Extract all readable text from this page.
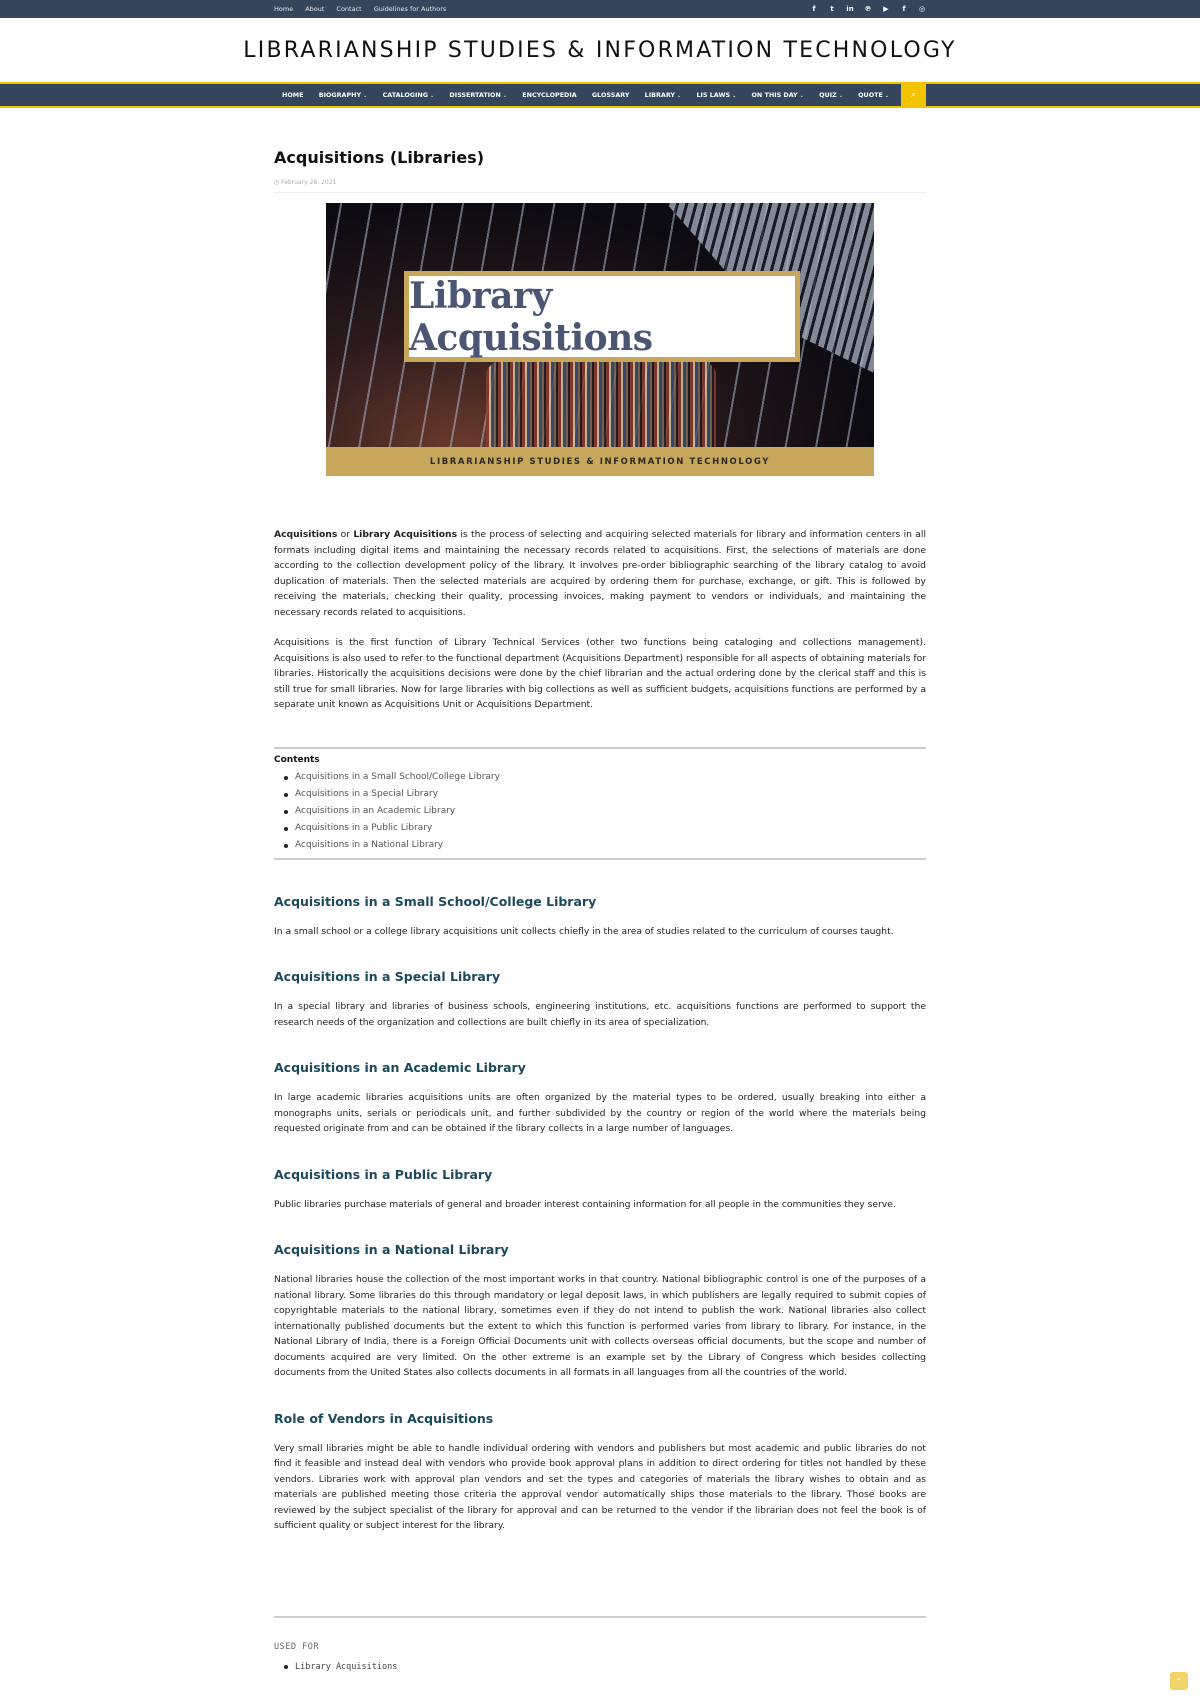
Home About Contact Guidelines for Authors	f	t	in ℗ ▶	f	◎
LIBRARIANSHIP STUDIES & INFORMATION TECHNOLOGY
HOME	BIOGRAPHY ⌄	CATALOGING ⌄	DISSERTATION ⌄	ENCYCLOPEDIA	GLOSSARY	LIBRARY ⌄	LIS LAWS ⌄	ON THIS DAY ⌄	QUIZ ⌄	QUOTE ⌄	⌕
Acquisitions (Libraries)
◷ February 26, 2021
Library Acquisitions
LIBRARIANSHIP STUDIES & INFORMATION TECHNOLOGY

Acquisitions or Library Acquisitions is the process of selecting and acquiring selected materials for library and information centers in all formats including digital items and maintaining the necessary records related to acquisitions. First, the selections of materials are done according to the collection development policy of the library. It involves pre-order bibliographic searching of the library catalog to avoid duplication of materials. Then the selected materials are acquired by ordering them for purchase, exchange, or gift. This is followed by receiving the materials, checking their quality, processing invoices, making payment to vendors or individuals, and maintaining the necessary records related to acquisitions.

Acquisitions is the first function of Library Technical Services (other two functions being cataloging and collections management). Acquisitions is also used to refer to the functional department (Acquisitions Department) responsible for all aspects of obtaining materials for libraries. Historically the acquisitions decisions were done by the chief librarian and the actual ordering done by the clerical staff and this is still true for small libraries. Now for large libraries with big collections as well as sufficient budgets, acquisitions functions are performed by a separate unit known as Acquisitions Unit or Acquisitions Department.

Contents
Acquisitions in a Small School/College Library
Acquisitions in a Special Library
Acquisitions in an Academic Library
Acquisitions in a Public Library
Acquisitions in a National Library
Acquisitions in a Small School/College Library

In a small school or a college library acquisitions unit collects chiefly in the area of studies related to the curriculum of courses taught.

Acquisitions in a Special Library

In a special library and libraries of business schools, engineering institutions, etc. acquisitions functions are performed to support the research needs of the organization and collections are built chiefly in its area of specialization.

Acquisitions in an Academic Library

In large academic libraries acquisitions units are often organized by the material types to be ordered, usually breaking into either a monographs units, serials or periodicals unit, and further subdivided by the country or region of the world where the materials being requested originate from and can be obtained if the library collects in a large number of languages.

Acquisitions in a Public Library

Public libraries purchase materials of general and broader interest containing information for all people in the communities they serve.

Acquisitions in a National Library

National libraries house the collection of the most important works in that country. National bibliographic control is one of the purposes of a national library. Some libraries do this through mandatory or legal deposit laws, in which publishers are legally required to submit copies of copyrightable materials to the national library, sometimes even if they do not intend to publish the work. National libraries also collect internationally published documents but the extent to which this function is performed varies from library to library. For instance, in the National Library of India, there is a Foreign Official Documents unit with collects overseas official documents, but the scope and number of documents acquired are very limited. On the other extreme is an example set by the Library of Congress which besides collecting documents from the United States also collects documents in all formats in all languages from all the countries of the world.

Role of Vendors in Acquisitions

Very small libraries might be able to handle individual ordering with vendors and publishers but most academic and public libraries do not find it feasible and instead deal with vendors who provide book approval plans in addition to direct ordering for titles not handled by these vendors. Libraries work with approval plan vendors and set the types and categories of materials the library wishes to obtain and as materials are published meeting those criteria the approval vendor automatically ships those materials to the library. Those books are reviewed by the subject specialist of the library for approval and can be returned to the vendor if the librarian does not feel the book is of sufficient quality or subject interest for the library.

USED FOR
Library Acquisitions
⌃
